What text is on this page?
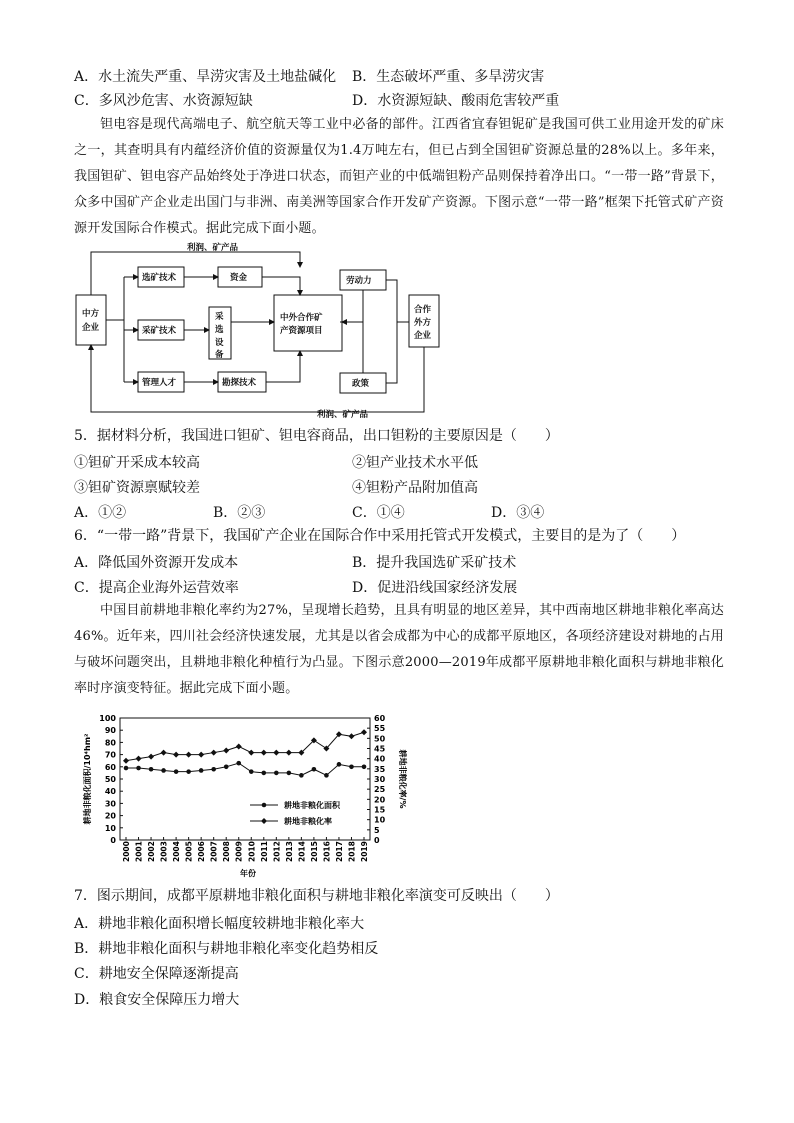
A．水土流失严重、旱涝灾害及土地盐碱化 B．生态破坏严重、多旱涝灾害
C．多风沙危害、水资源短缺	D．水资源短缺、酸雨危害较严重
钽电容是现代高端电子、航空航天等工业中必备的部件。江西省宜春钽铌矿是我国可供工业用途开发的矿床之一，其查明具有内蕴经济价值的资源量仅为1.4万吨左右，但已占到全国钽矿资源总量的28%以上。多年来，我国钽矿、钽电容产品始终处于净进口状态，而钽产业的中低端钽粉产品则保持着净出口。“一带一路”背景下，众多中国矿产企业走出国门与非洲、南美洲等国家合作开发矿产资源。下图示意“一带一路”框架下托管式矿产资源开发国际合作模式。据此完成下面小题。
利润、矿产品
利润、矿产品
中方
企业
选矿技术	资金
采矿技术
采
选
设
备
管理人才	勘探技术
中外合作矿
产资源项目
劳动力
政策
合作
外方
企业
5．据材料分析，我国进口钽矿、钽电容商品，出口钽粉的主要原因是（　　）
①钽矿开采成本较高	②钽产业技术水平低
③钽矿资源禀赋较差	④钽粉产品附加值高
A．①②	B．②③	C．①④	D．③④
6．“一带一路”背景下，我国矿产企业在国际合作中采用托管式开发模式，主要目的是为了（　　）
A．降低国外资源开发成本	B．提升我国选矿采矿技术
C．提高企业海外运营效率	D．促进沿线国家经济发展
中国目前耕地非粮化率约为27%，呈现增长趋势，且具有明显的地区差异，其中西南地区耕地非粮化率高达46%。近年来，四川社会经济快速发展，尤其是以省会成都为中心的成都平原地区，各项经济建设对耕地的占用与破坏问题突出，且耕地非粮化种植行为凸显。下图示意2000—2019年成都平原耕地非粮化面积与耕地非粮化率时序演变特征。据此完成下面小题。
0
10
20
30
40
50
60
70
80
90
100
0
5
10
15
20
25
30
35
40
45
50
55
60
2000 2001 2002 2003 2004 2005 2006 2007 2008 2009 2010 2011 2012 2013 2014 2015 2016 2017 2018 2019
年份
耕地非粮化面积/10⁴hm²	耕地非粮化率/%
耕地非粮化面积
耕地非粮化率
7．图示期间，成都平原耕地非粮化面积与耕地非粮化率演变可反映出（　　）
A．耕地非粮化面积增长幅度较耕地非粮化率大
B．耕地非粮化面积与耕地非粮化率变化趋势相反
C．耕地安全保障逐渐提高
D．粮食安全保障压力增大
